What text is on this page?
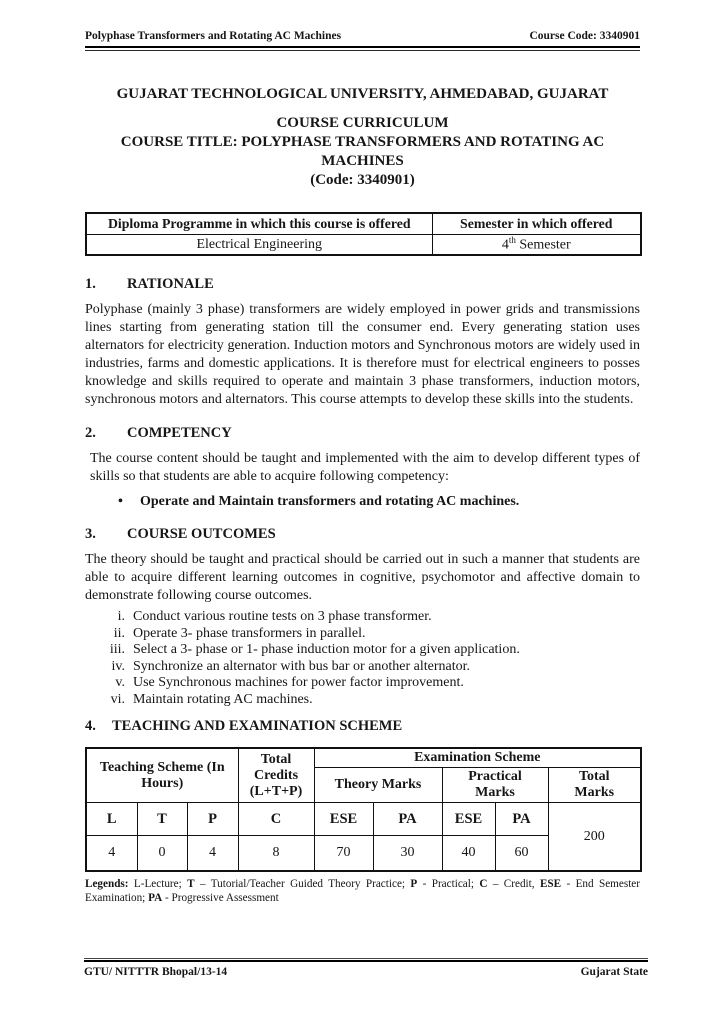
Polyphase Transformers and Rotating AC Machines	Course Code: 3340901
GUJARAT TECHNOLOGICAL UNIVERSITY, AHMEDABAD, GUJARAT
COURSE CURRICULUM
COURSE TITLE: POLYPHASE TRANSFORMERS AND ROTATING AC MACHINES
(Code: 3340901)
Diploma Programme in which this course is offered	Semester in which offered
Electrical Engineering	4th Semester
1.	RATIONALE

Polyphase (mainly 3 phase) transformers are widely employed in power grids and transmissions lines starting from generating station till the consumer end. Every generating station uses alternators for electricity generation. Induction motors and Synchronous motors are widely used in industries, farms and domestic applications. It is therefore must for electrical engineers to posses knowledge and skills required to operate and maintain 3 phase transformers, induction motors, synchronous motors and alternators. This course attempts to develop these skills into the students.

2.	COMPETENCY

The course content should be taught and implemented with the aim to develop different types of skills so that students are able to acquire following competency:

•
Operate and Maintain transformers and rotating AC machines.
3.	COURSE OUTCOMES

The theory should be taught and practical should be carried out in such a manner that students are able to acquire different learning outcomes in cognitive, psychomotor and affective domain to demonstrate following course outcomes.

i. Conduct various routine tests on 3 phase transformer.
ii. Operate 3- phase transformers in parallel.
iii. Select a 3- phase or 1- phase induction motor for a given application.
iv. Synchronize an alternator with bus bar or another alternator.
v. Use Synchronous machines for power factor improvement.
vi. Maintain rotating AC machines.
4.	TEACHING AND EXAMINATION SCHEME
Teaching Scheme (In Hours)			Total Credits (L+T+P)	Examination Scheme				
				Theory Marks		Practical Marks		Total Marks
L	T	P	C	ESE	PA	ESE	PA	200
4	0	4	8	70	30	40	60	

Legends: L-Lecture; T – Tutorial/Teacher Guided Theory Practice; P - Practical; C – Credit, ESE - End Semester Examination; PA - Progressive Assessment

GTU/ NITTTR Bhopal/13-14	Gujarat State
